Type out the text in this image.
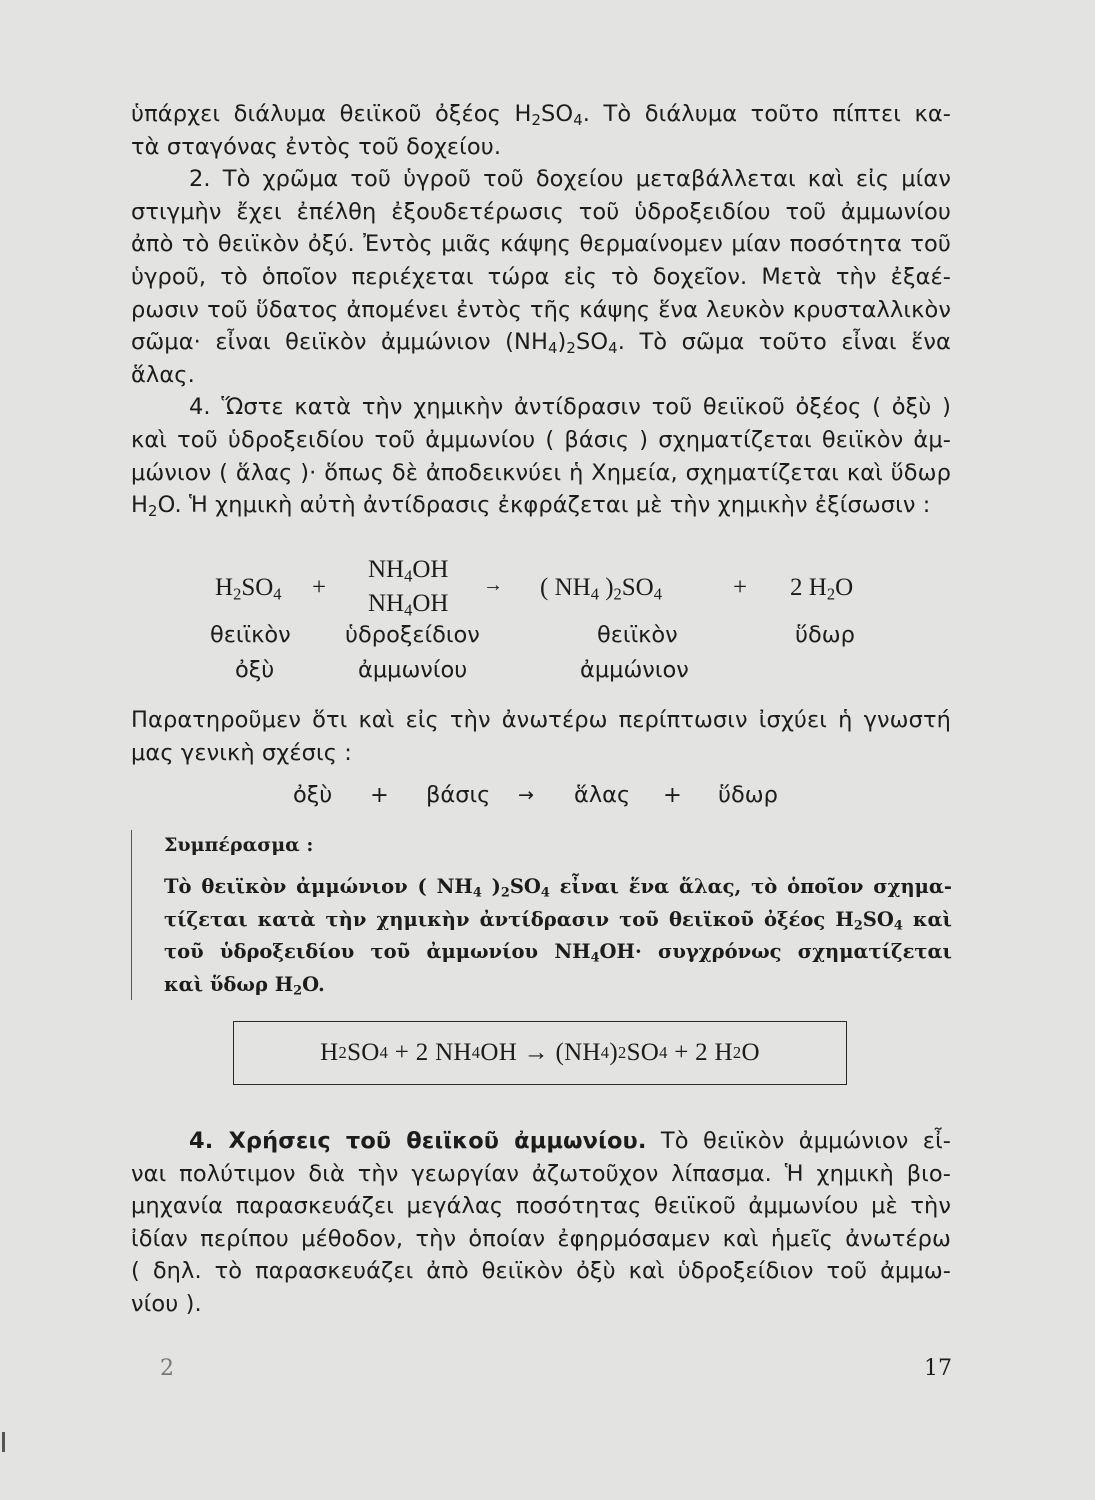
ὑπάρχει διάλυμα θειϊκοῦ ὀξέος $H_2SO_4$. Τὸ διάλυμα τοῦτο πίπτει κα-
τὰ σταγόνας ἐντὸς τοῦ δοχείου.
2. Τὸ χρῶμα τοῦ ὑγροῦ τοῦ δοχείου μεταβάλλεται καὶ εἰς μίαν
στιγμὴν ἔχει ἐπέλθη ἐξουδετέρωσις τοῦ ὑδροξειδίου τοῦ ἀμμωνίου
ἀπὸ τὸ θειϊκὸν ὀξύ. Ἐντὸς μιᾶς κάψης θερμαίνομεν μίαν ποσότητα τοῦ
ὑγροῦ, τὸ ὁποῖον περιέχεται τώρα εἰς τὸ δοχεῖον. Μετὰ τὴν ἐξαέ-
ρωσιν τοῦ ὕδατος ἀπομένει ἐντὸς τῆς κάψης ἕνα λευκὸν κρυσταλλικὸν
σῶμα· εἶναι θειϊκὸν ἀμμώνιον $(NH_4)_2SO_4$. Τὸ σῶμα τοῦτο εἶναι ἕνα
ἅλας.
4. Ὥστε κατὰ τὴν χημικὴν ἀντίδρασιν τοῦ θειϊκοῦ ὀξέος ( ὀξὺ )
καὶ τοῦ ὑδροξειδίου τοῦ ἀμμωνίου ( βάσις ) σχηματίζεται θειϊκὸν ἀμ-
μώνιον ( ἅλας )· ὅπως δὲ ἀποδεικνύει ἡ Χημεία, σχηματίζεται καὶ ὕδωρ
$H_2O$. Ἡ χημικὴ αὐτὴ ἀντίδρασις ἐκφράζεται μὲ τὴν χημικὴν ἐξίσωσιν :
$H_2SO_4$ +
$NH_4OH$
$NH_4OH$
→ ( $NH_4$ )$_2SO_4$	+ 2 $H_2O$
θειϊκὸν
ὀξὺ
ὑδροξείδιον
ἀμμωνίου
θειϊκὸν
ἀμμώνιον
ὕδωρ
Παρατηροῦμεν ὅτι καὶ εἰς τὴν ἀνωτέρω περίπτωσιν ἰσχύει ἡ γνωστή
μας γενικὴ σχέσις :
ὀξὺ + βάσις → ἅλας + ὕδωρ
Συμπέρασμα :
Τὸ θειϊκὸν ἀμμώνιον ( $NH_4$ )$_2SO_4$ εἶναι ἕνα ἅλας, τὸ ὁποῖον σχημα-
τίζεται κατὰ τὴν χημικὴν ἀντίδρασιν τοῦ θειϊκοῦ ὀξέος $H_2SO_4$ καὶ
τοῦ ὑδροξειδίου τοῦ ἀμμωνίου $NH_4OH\cdot \sigma\upsilon\gamma\chi\rho ό\nu\omega\varsigma$ σχηματίζεται
καὶ ὕδωρ $H_2O$.
H 2 SO 4 + 2 NH 4 OH → (NH 4 ) 2 SO 4 + 2 H 2 O
4. Χρήσεις τοῦ θειϊκοῦ ἀμμωνίου. Τὸ θειϊκὸν ἀμμώνιον εἶ-
ναι πολύτιμον διὰ τὴν γεωργίαν ἀζωτοῦχον λίπασμα. Ἡ χημικὴ βιο-
μηχανία παρασκευάζει μεγάλας ποσότητας θειϊκοῦ ἀμμωνίου μὲ τὴν
ἰδίαν περίπου μέθοδον, τὴν ὁποίαν ἐφηρμόσαμεν καὶ ἡμεῖς ἀνωτέρω
( δηλ. τὸ παρασκευάζει ἀπὸ θειϊκὸν ὀξὺ καὶ ὑδροξείδιον τοῦ ἀμμω-
νίου ).
2	17
